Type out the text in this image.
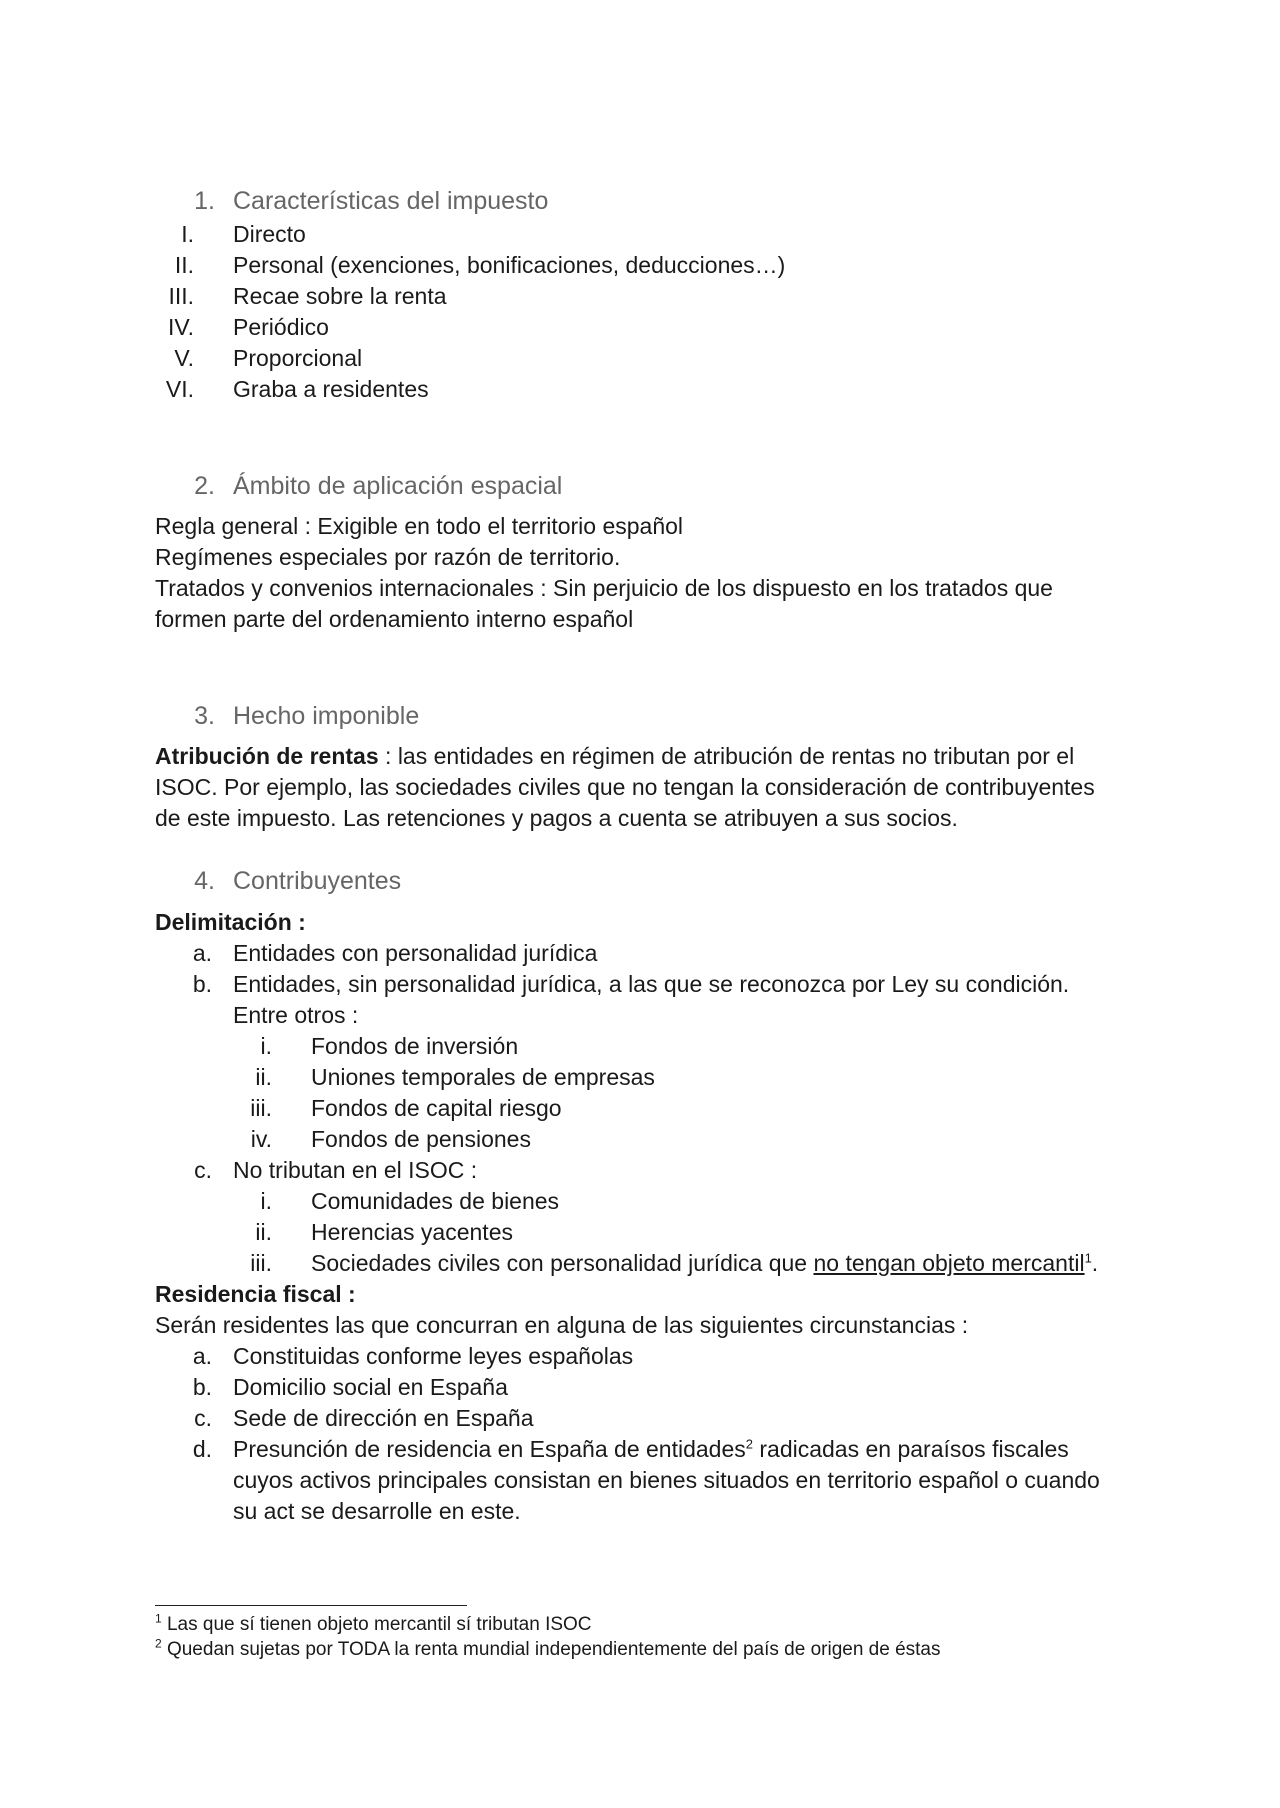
1. Características del impuesto
I. Directo
II. Personal (exenciones, bonificaciones, deducciones…)
III. Recae sobre la renta
IV. Periódico
V. Proporcional
VI. Graba a residentes
2. Ámbito de aplicación espacial
Regla general : Exigible en todo el territorio español
Regímenes especiales por razón de territorio.
Tratados y convenios internacionales : Sin perjuicio de los dispuesto en los tratados que
formen parte del ordenamiento interno español
3. Hecho imponible
Atribución de rentas : las entidades en régimen de atribución de rentas no tributan por el
ISOC. Por ejemplo, las sociedades civiles que no tengan la consideración de contribuyentes
de este impuesto. Las retenciones y pagos a cuenta se atribuyen a sus socios.
4. Contribuyentes
Delimitación :
a. Entidades con personalidad jurídica
b. Entidades, sin personalidad jurídica, a las que se reconozca por Ley su condición.
Entre otros :
i. Fondos de inversión
ii. Uniones temporales de empresas
iii. Fondos de capital riesgo
iv. Fondos de pensiones
c. No tributan en el ISOC :
i. Comunidades de bienes
ii. Herencias yacentes
iii. Sociedades civiles con personalidad jurídica que no tengan objeto mercantil$^1$.
Residencia fiscal :
Serán residentes las que concurran en alguna de las siguientes circunstancias :
a. Constituidas conforme leyes españolas
b. Domicilio social en España
c. Sede de dirección en España
d. Presunción de residencia en España de entidades$^2$ radicadas en paraísos fiscales
cuyos activos principales consistan en bienes situados en territorio español o cuando
su act se desarrolle en este.
$^1$ Las que sí tienen objeto mercantil sí tributan ISOC
$^2$ Quedan sujetas por TODA la renta mundial independientemente del país de origen de éstas
